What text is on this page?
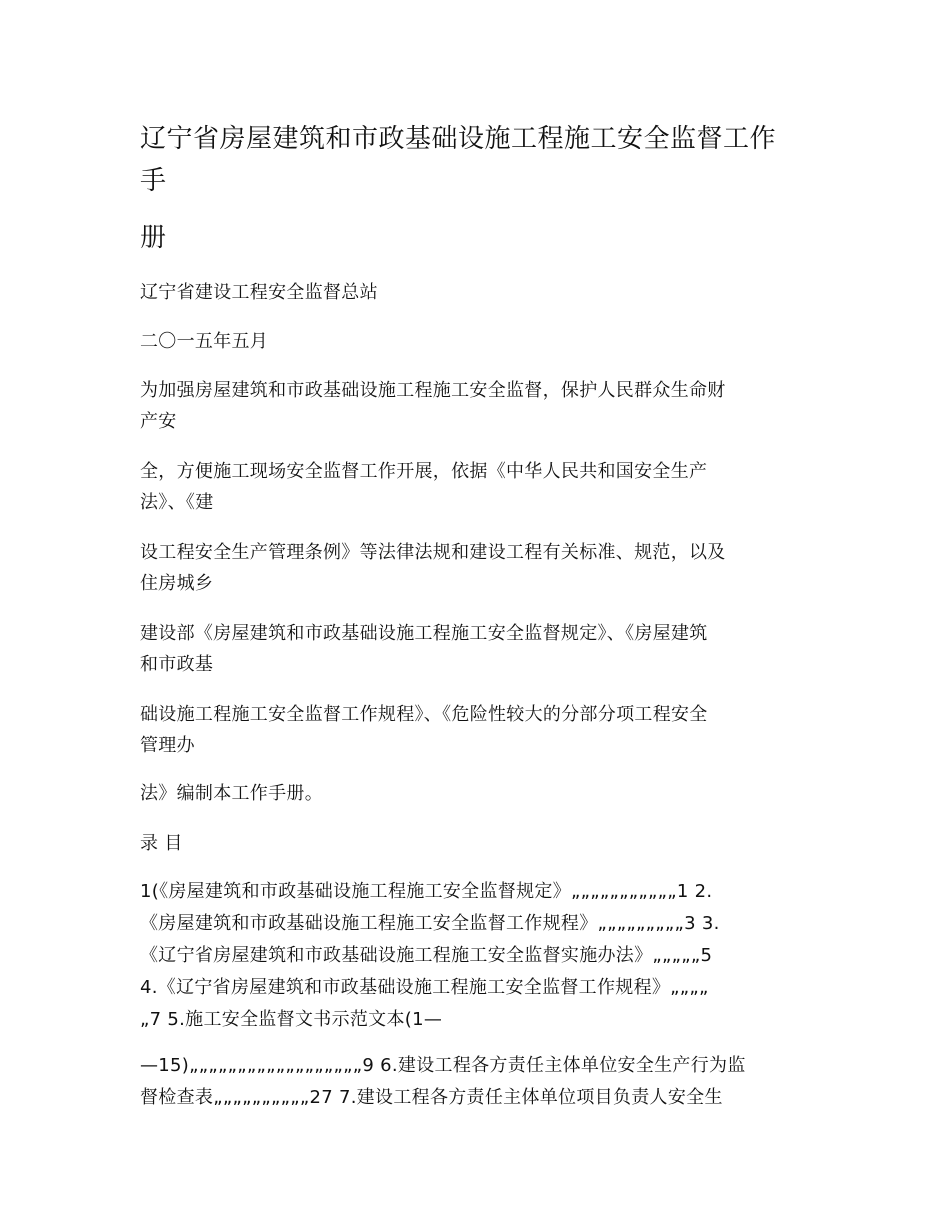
辽宁省房屋建筑和市政基础设施工程施工安全监督工作
手
册

辽宁省建设工程安全监督总站

二〇一五年五月

为加强房屋建筑和市政基础设施工程施工安全监督，保护人民群众生命财
产安

全，方便施工现场安全监督工作开展，依据《中华人民共和国安全生产
法》、《建

设工程安全生产管理条例》等法律法规和建设工程有关标准、规范，以及
住房城乡

建设部《房屋建筑和市政基础设施工程施工安全监督规定》、《房屋建筑
和市政基

础设施工程施工安全监督工作规程》、《危险性较大的分部分项工程安全
管理办

法》编制本工作手册。

录 目

1(《房屋建筑和市政基础设施工程施工安全监督规定》„„„„„„„„„„„1 2.
《房屋建筑和市政基础设施工程施工安全监督工作规程》„„„„„„„„„3 3.
《辽宁省房屋建筑和市政基础设施工程施工安全监督实施办法》„„„„„5
4.《辽宁省房屋建筑和市政基础设施工程施工安全监督工作规程》„„„„
„7 5.施工安全监督文书示范文本(1—
—15)„„„„„„„„„„„„„„„„„„9 6.建设工程各方责任主体单位安全生产行为监
督检查表„„„„„„„„„„27 7.建设工程各方责任主体单位项目负责人安全生
